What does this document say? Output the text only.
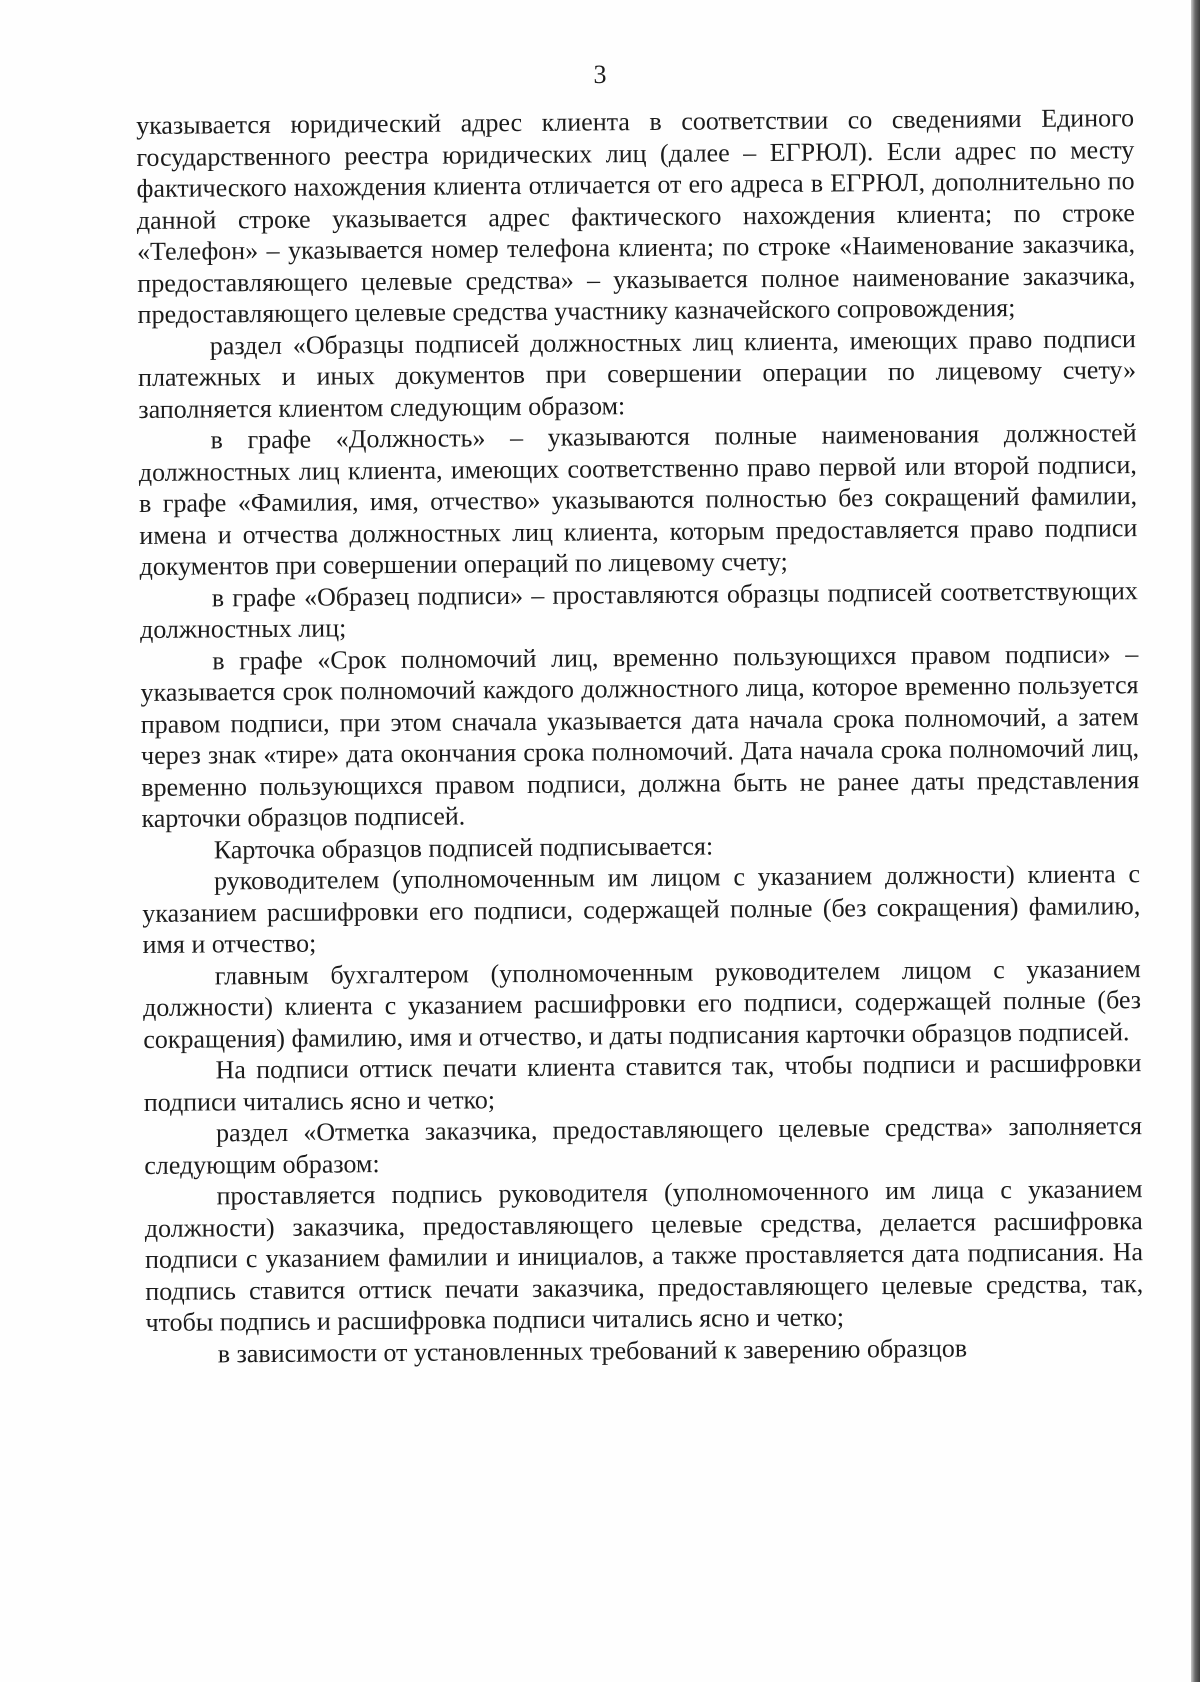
3

указывается юридический адрес клиента в соответствии со сведениями Единого государственного реестра юридических лиц (далее – ЕГРЮЛ). Если адрес по месту фактического нахождения клиента отличается от его адреса в ЕГРЮЛ, дополнительно по данной строке указывается адрес фактического нахождения клиента; по строке «Телефон» – указывается номер телефона клиента; по строке «Наименование заказчика, предоставляющего целевые средства» – указывается полное наименование заказчика, предоставляющего целевые средства участнику казначейского сопровождения;

раздел «Образцы подписей должностных лиц клиента, имеющих право подписи платежных и иных документов при совершении операции по лицевому счету» заполняется клиентом следующим образом:

в графе «Должность» – указываются полные наименования должностей должностных лиц клиента, имеющих соответственно право первой или второй подписи, в графе «Фамилия, имя, отчество» указываются полностью без сокращений фамилии, имена и отчества должностных лиц клиента, которым предоставляется право подписи документов при совершении операций по лицевому счету;

в графе «Образец подписи» – проставляются образцы подписей соответствующих должностных лиц;

в графе «Срок полномочий лиц, временно пользующихся правом подписи» – указывается срок полномочий каждого должностного лица, которое временно пользуется правом подписи, при этом сначала указывается дата начала срока полномочий, а затем через знак «тире» дата окончания срока полномочий. Дата начала срока полномочий лиц, временно пользующихся правом подписи, должна быть не ранее даты представления карточки образцов подписей.

Карточка образцов подписей подписывается:

руководителем (уполномоченным им лицом с указанием должности) клиента с указанием расшифровки его подписи, содержащей полные (без сокращения) фамилию, имя и отчество;

главным бухгалтером (уполномоченным руководителем лицом с указанием должности) клиента с указанием расшифровки его подписи, содержащей полные (без сокращения) фамилию, имя и отчество, и даты подписания карточки образцов подписей.

На подписи оттиск печати клиента ставится так, чтобы подписи и расшифровки подписи читались ясно и четко;

раздел «Отметка заказчика, предоставляющего целевые средства» заполняется следующим образом:

проставляется подпись руководителя (уполномоченного им лица с указанием должности) заказчика, предоставляющего целевые средства, делается расшифровка подписи с указанием фамилии и инициалов, а также проставляется дата подписания. На подпись ставится оттиск печати заказчика, предоставляющего целевые средства, так, чтобы подпись и расшифровка подписи читались ясно и четко;

в зависимости от установленных требований к заверению образцов
